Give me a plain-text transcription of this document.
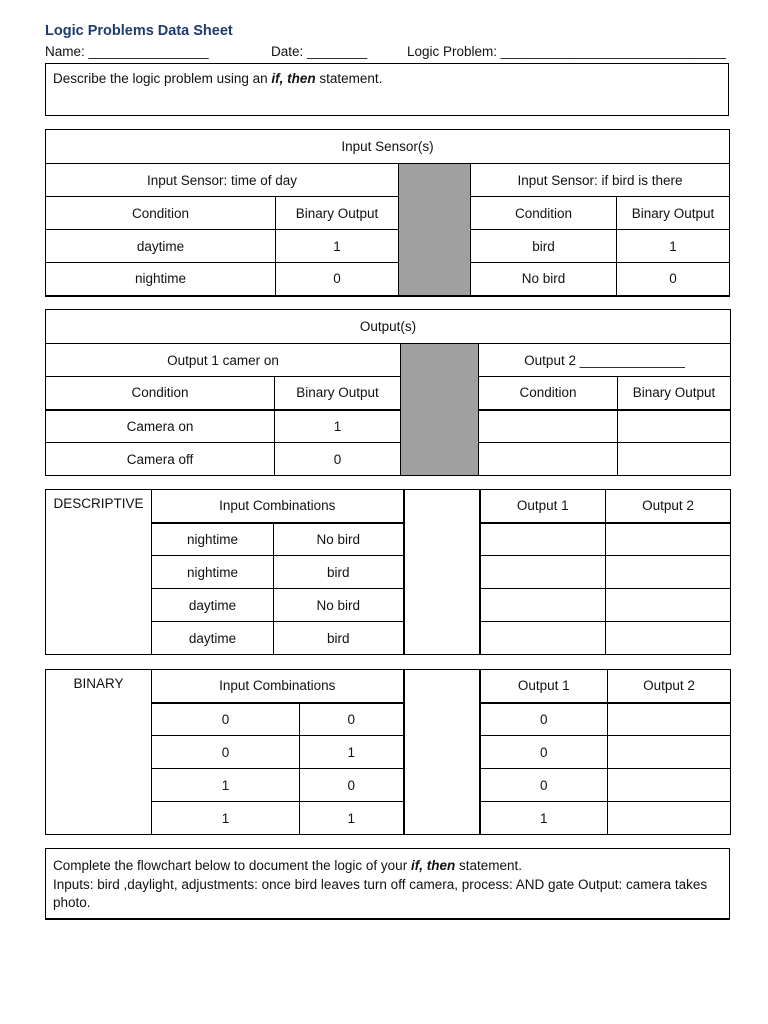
Logic Problems Data Sheet
Name: ________________	Date: ________	Logic Problem: ______________________________
Describe the logic problem using an if, then statement.
Input Sensor(s)				
Input Sensor: time of day			Input Sensor: if bird is there	
Condition	Binary Output		Condition	Binary Output
daytime	1		bird	1
nightime	0		No bird	0
Output(s)				
Output 1 camer on			Output 2 ______________	
Condition	Binary Output		Condition	Binary Output
Camera on	1			
Camera off	0			
DESCRIPTIVE	Input Combinations			Output 1	Output 2
	nightime	No bird			
	nightime	bird			
	daytime	No bird			
	daytime	bird			
BINARY	Input Combinations			Output 1	Output 2
	0	0		0	
	0	1		0	
	1	0		0	
	1	1		1	
Complete the flowchart below to document the logic of your if, then statement.
Inputs: bird ,daylight, adjustments: once bird leaves turn off camera, process: AND gate Output: camera takes photo.
